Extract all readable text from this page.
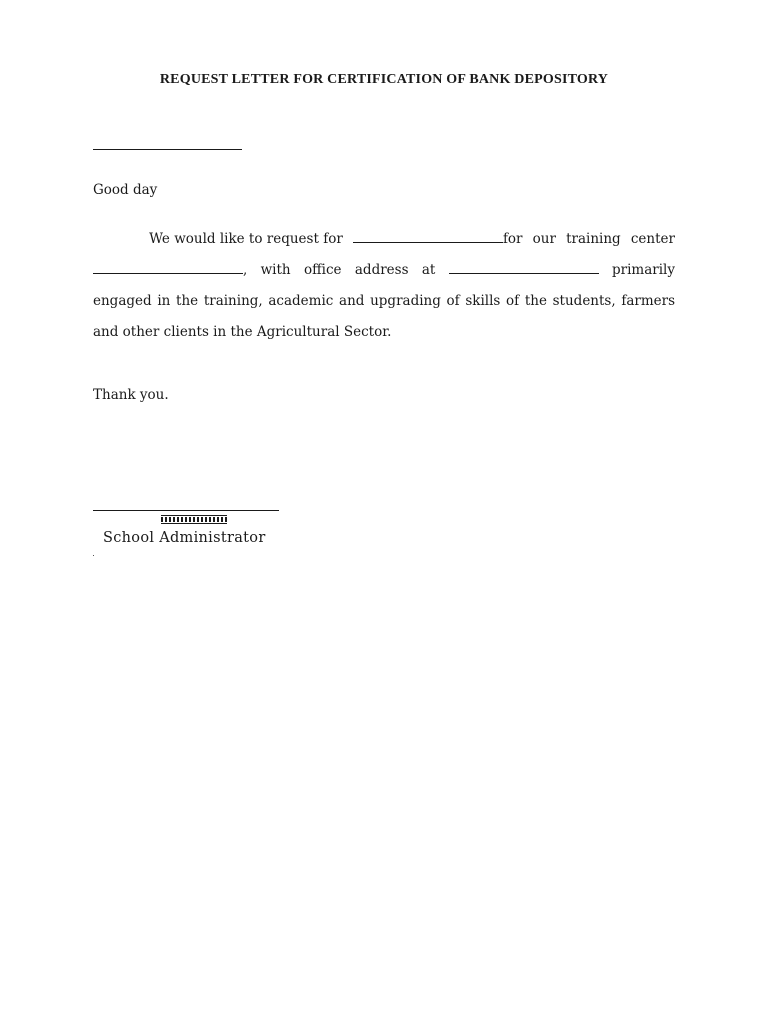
REQUEST LETTER FOR CERTIFICATION OF BANK DEPOSITORY
Good day
We would like to request for	for our training center
, with office address at	primarily
engaged in the training, academic and upgrading of skills of the students, farmers
and other clients in the Agricultural Sector.
Thank you.
School Administrator
